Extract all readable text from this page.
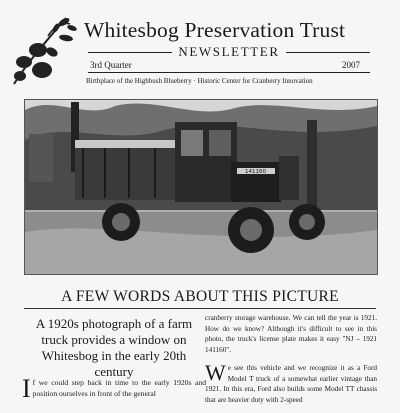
Whitesbog Preservation Trust
NEWSLETTER
3rd Quarter	2007
Birthplace of the Highbush Blueberry · Historic Center for Cranberry Innovation
141160
A FEW WORDS ABOUT THIS PICTURE
A 1920s photograph of a farm truck provides a window on Whitesbog in the early 20th century
If we could step back in time to the early 1920s and position ourselves in front of the general

cranberry storage warehouse. We can tell the year is 1921. How do we know? Although it's difficult to see in this photo, the truck's license plate makes it easy "NJ – 1921 141160".

We see this vehicle and we recognize it as a Ford Model T truck of a somewhat earlier vintage than 1921. In this era, Ford also builds some Model TT chassis that are heavier duty with 2-speed
